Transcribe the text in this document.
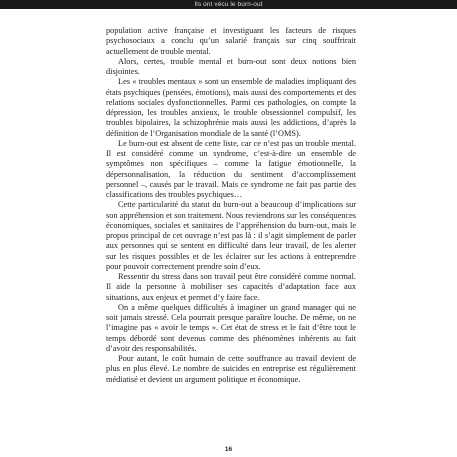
Ils ont vécu le burn-out

population active française et investiguant les facteurs de risques psychosociaux a conclu qu’un salarié français sur cinq souffrirait actuellement de trouble mental.

Alors, certes, trouble mental et burn-out sont deux notions bien disjointes.

Les « troubles mentaux » sont un ensemble de maladies impliquant des états psychiques (pensées, émotions), mais aussi des comportements et des relations sociales dysfonctionnelles. Parmi ces pathologies, on compte la dépression, les troubles anxieux, le trouble obsessionnel compulsif, les troubles bipolaires, la schizophrénie mais aussi les addictions, d’après la définition de l’Organisation mondiale de la santé (l’OMS).

Le burn-out est absent de cette liste, car ce n’est pas un trouble mental. Il est considéré comme un syndrome, c’est-à-dire un ensemble de symptômes non spécifiques – comme la fatigue émotionnelle, la dépersonnalisation, la réduction du sentiment d’accomplissement personnel –, causés par le travail. Mais ce syndrome ne fait pas partie des classifications des troubles psychiques…

Cette particularité du statut du burn-out a beaucoup d’implications sur son appréhension et son traitement. Nous reviendrons sur les conséquences économiques, sociales et sanitaires de l’appréhension du burn-out, mais le propos principal de cet ouvrage n’est pas là : il s’agit simplement de parler aux personnes qui se sentent en difficulté dans leur travail, de les alerter sur les risques possibles et de les éclairer sur les actions à entreprendre pour pouvoir correctement prendre soin d’eux.

Ressentir du stress dans son travail peut être considéré comme normal. Il aide la personne à mobiliser ses capacités d’adaptation face aux situations, aux enjeux et permet d’y faire face.

On a même quelques difficultés à imaginer un grand manager qui ne soit jamais stressé. Cela pourrait presque paraître louche. De même, on ne l’imagine pas « avoir le temps ». Cet état de stress et le fait d’être tout le temps débordé sont devenus comme des phénomènes inhérents au fait d’avoir des responsabilités.

Pour autant, le coût humain de cette souffrance au travail devient de plus en plus élevé. Le nombre de suicides en entreprise est régulièrement médiatisé et devient un argument politique et économique.

16
